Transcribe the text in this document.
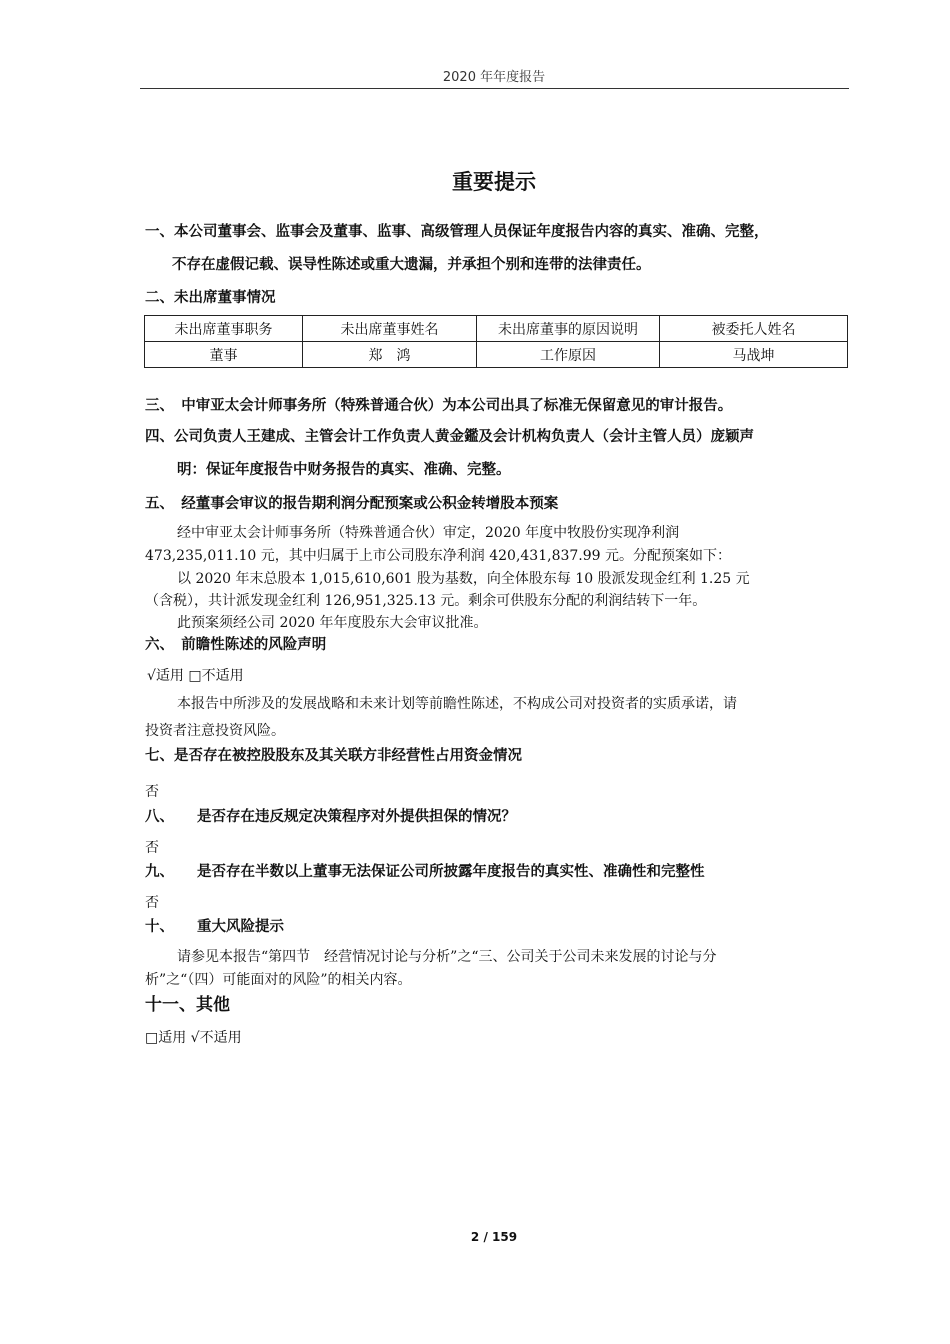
2020 年年度报告
重要提示
一、本公司董事会、监事会及董事、监事、高级管理人员保证年度报告内容的真实、准确、完整，
不存在虚假记载、误导性陈述或重大遗漏，并承担个别和连带的法律责任。
二、未出席董事情况
未出席董事职务	未出席董事姓名	未出席董事的原因说明	被委托人姓名
董事	郑　鸿	工作原因	马战坤
三、　中审亚太会计师事务所（特殊普通合伙）为本公司出具了标准无保留意见的审计报告。
四、公司负责人王建成、主管会计工作负责人黄金鑑及会计机构负责人（会计主管人员）庞颖声
明：保证年度报告中财务报告的真实、准确、完整。
五、　经董事会审议的报告期利润分配预案或公积金转增股本预案
经中审亚太会计师事务所（特殊普通合伙）审定，2020 年度中牧股份实现净利润
473,235,011.10 元，其中归属于上市公司股东净利润 420,431,837.99 元。分配预案如下：
以 2020 年末总股本 1,015,610,601 股为基数，向全体股东每 10 股派发现金红利 1.25 元
（含税），共计派发现金红利 126,951,325.13 元。剩余可供股东分配的利润结转下一年。
此预案须经公司 2020 年年度股东大会审议批准。
六、　前瞻性陈述的风险声明
√适用 □不适用
本报告中所涉及的发展战略和未来计划等前瞻性陈述，不构成公司对投资者的实质承诺，请
投资者注意投资风险。
七、是否存在被控股股东及其关联方非经营性占用资金情况
否
八、 是否存在违反规定决策程序对外提供担保的情况？
否
九、 是否存在半数以上董事无法保证公司所披露年度报告的真实性、准确性和完整性
否
十、 重大风险提示
请参见本报告“第四节　经营情况讨论与分析”之“三、公司关于公司未来发展的讨论与分
析”之“（四）可能面对的风险”的相关内容。
十一、其他
□适用 √不适用
2 / 159
